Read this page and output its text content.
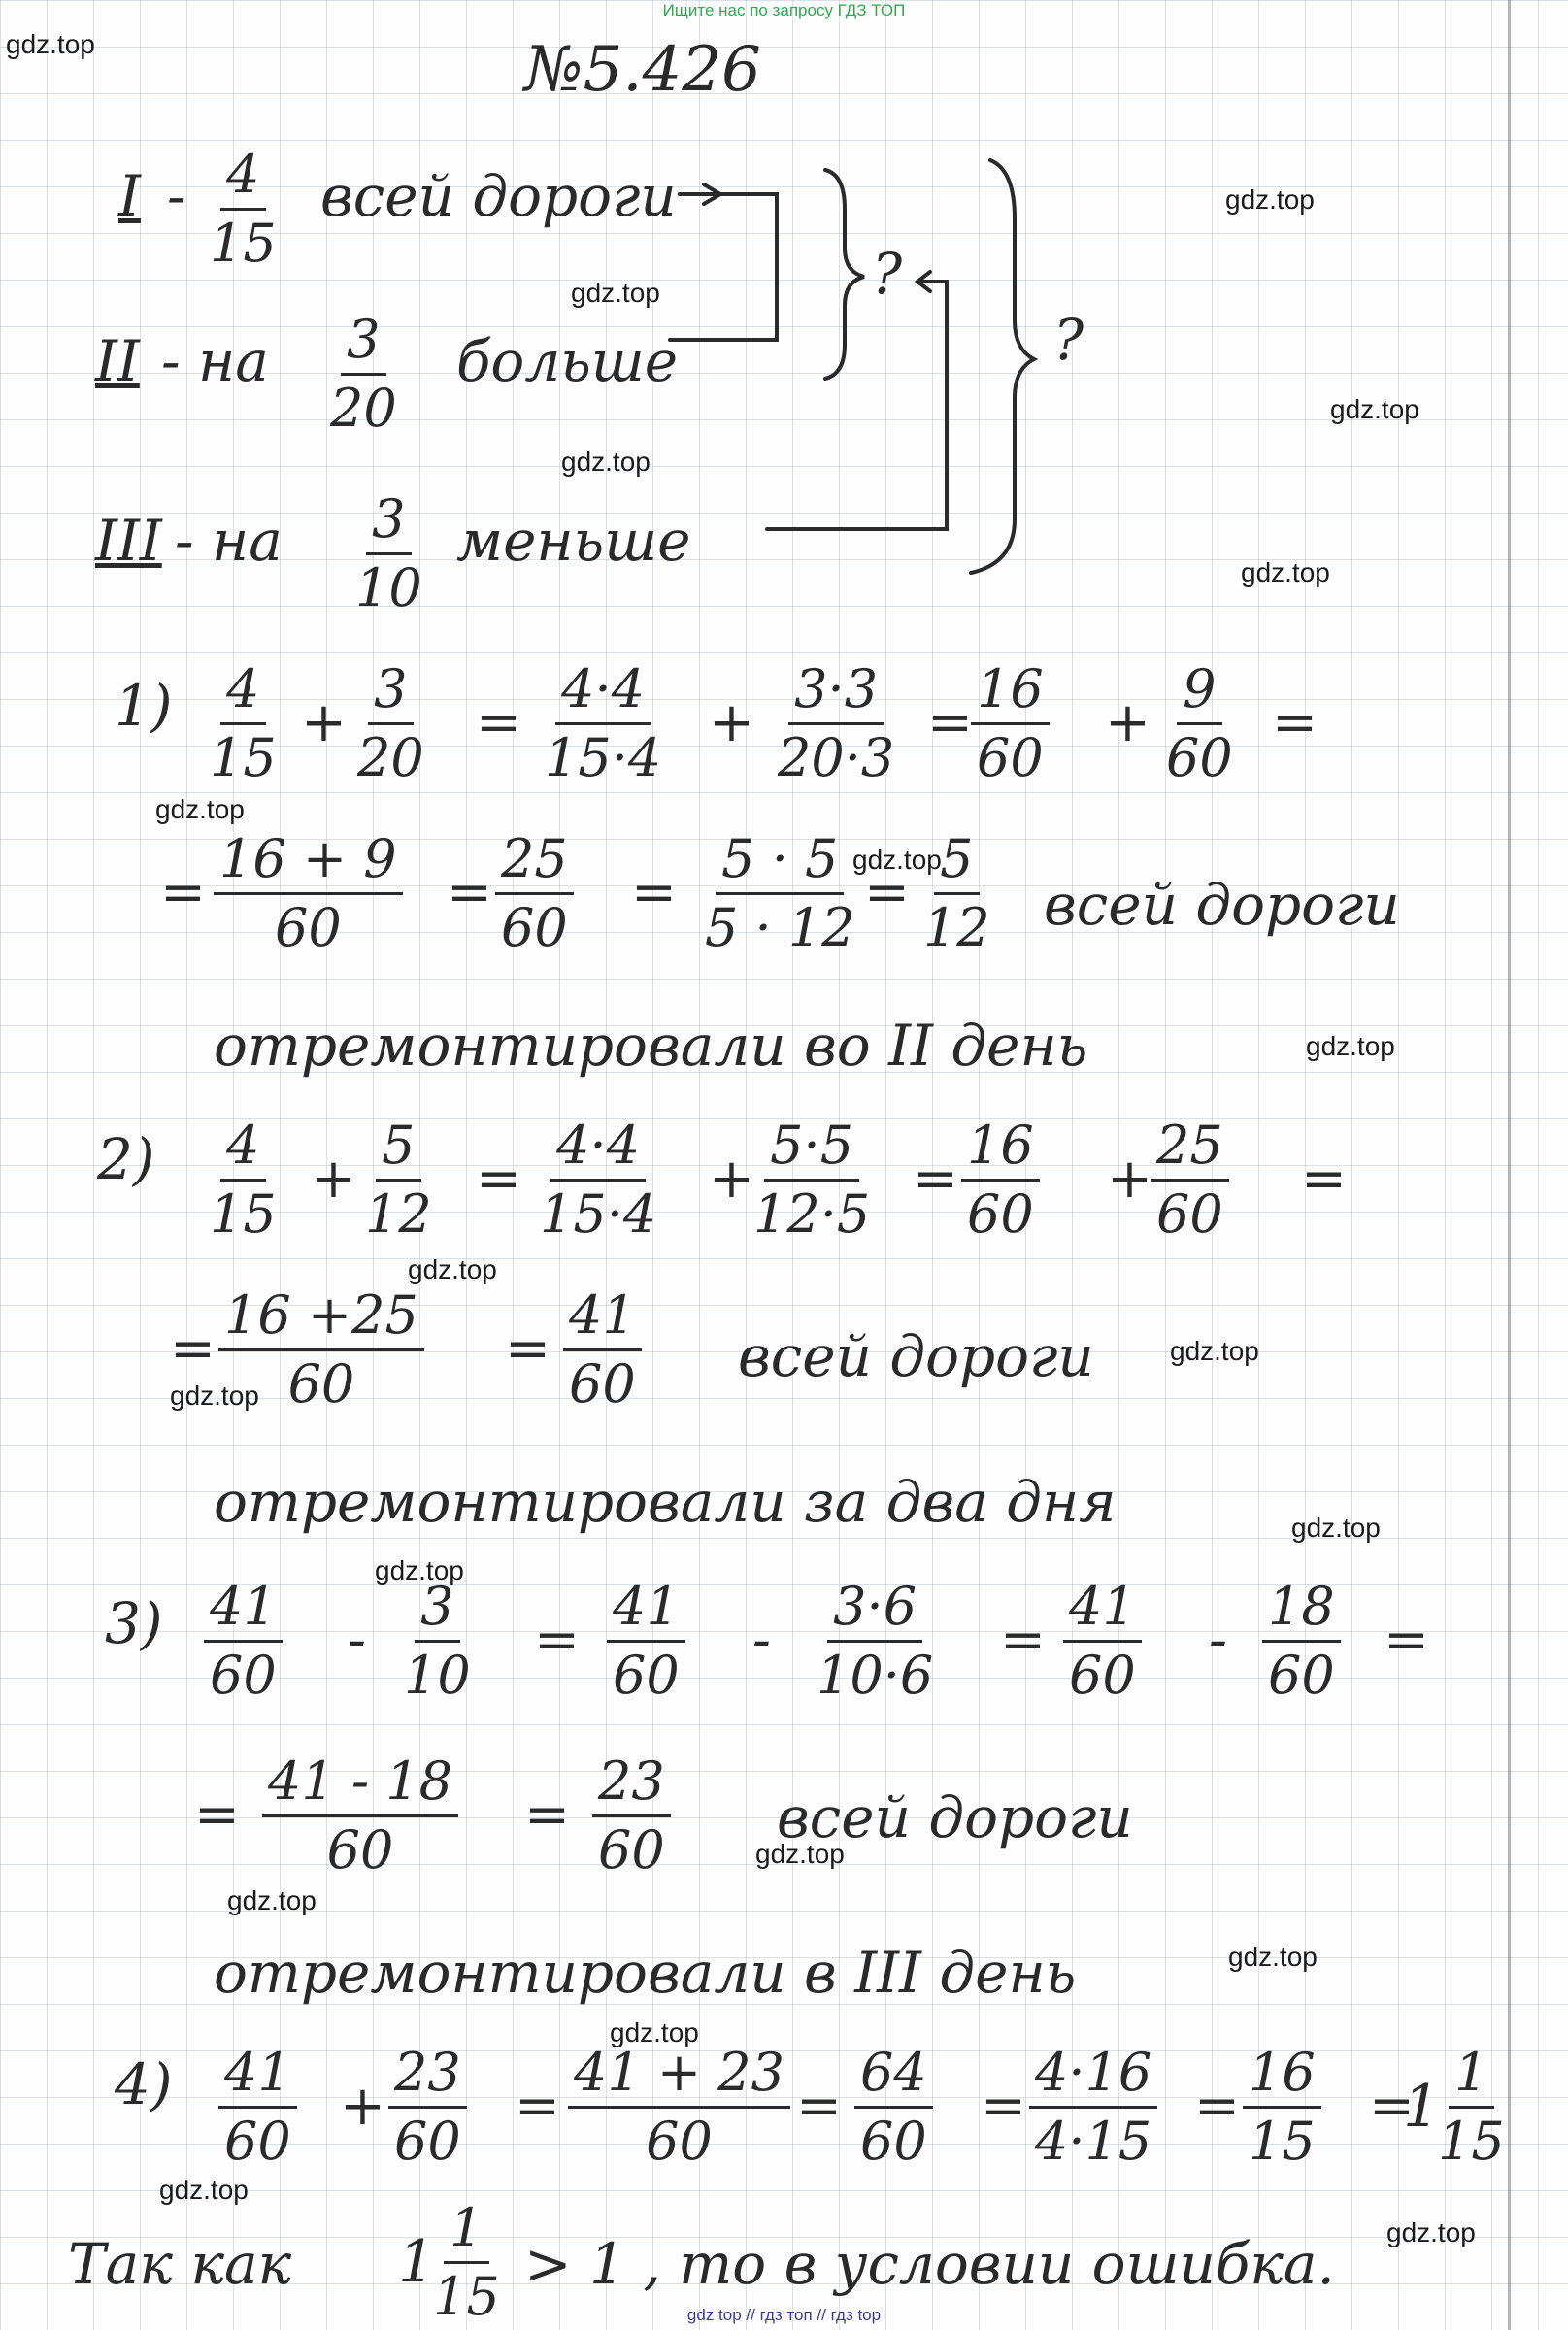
Ищите нас по запросу ГДЗ ТОП
gdz.top
gdz.top
gdz.top
gdz.top
gdz.top
gdz.top
gdz.top
gdz.top
gdz.top
gdz.top
gdz.top
gdz.top
gdz.top
gdz.top
gdz.top
gdz.top
gdz.top
gdz.top
gdz.top
gdz.top
№5.426
I - $\frac{4}{15}$ всей дороги
II - на $\frac{3}{20}$ больше
III - на $\frac{3}{10}$ меньше
?
?
$1) \frac{4}{15} + \frac{3}{20} = \frac{4\cdot 4}{15\cdot 4} + \frac{3\cdot 3}{20\cdot 3}$ =
$\frac{16}{60} + \frac{9}{60}$ =
= $\frac{16 + 9}{60} = \frac{25}{60} = \frac{5 \cdot 5}{5 \cdot 12} = \frac{5}{12}$ всей дороги
отремонтировали во II день
$2) \frac{4}{15} + \frac{5}{12} = \frac{4\cdot 4}{15\cdot 4}$ +
$\frac{5\cdot 5}{12\cdot 5} = \frac{16}{60}$ +
$\frac{25}{60}$ =
= $\frac{16 +25}{60} = \frac{41}{60}$ всей дороги
отремонтировали за два дня
$3) \frac{41}{60} - \frac{3}{10} = \frac{41}{60} - \frac{3\cdot 6}{10\cdot 6} = \frac{41}{60} - \frac{18}{60}$ =
= $\frac{41 - 18}{60} = \frac{23}{60}$ всей дороги
отремонтировали в III день
$4) \frac{41}{60} + \frac{23}{60} = \frac{41 + 23}{60} = \frac{64}{60} = \frac{4\cdot 16}{4\cdot 15} = \frac{16}{15}$ =
1
$\frac{1}{15}$
Так как 1
$\frac{1}{15} > 1$ , то в условии ошибка.
gdz top // гдз топ // гдз top
